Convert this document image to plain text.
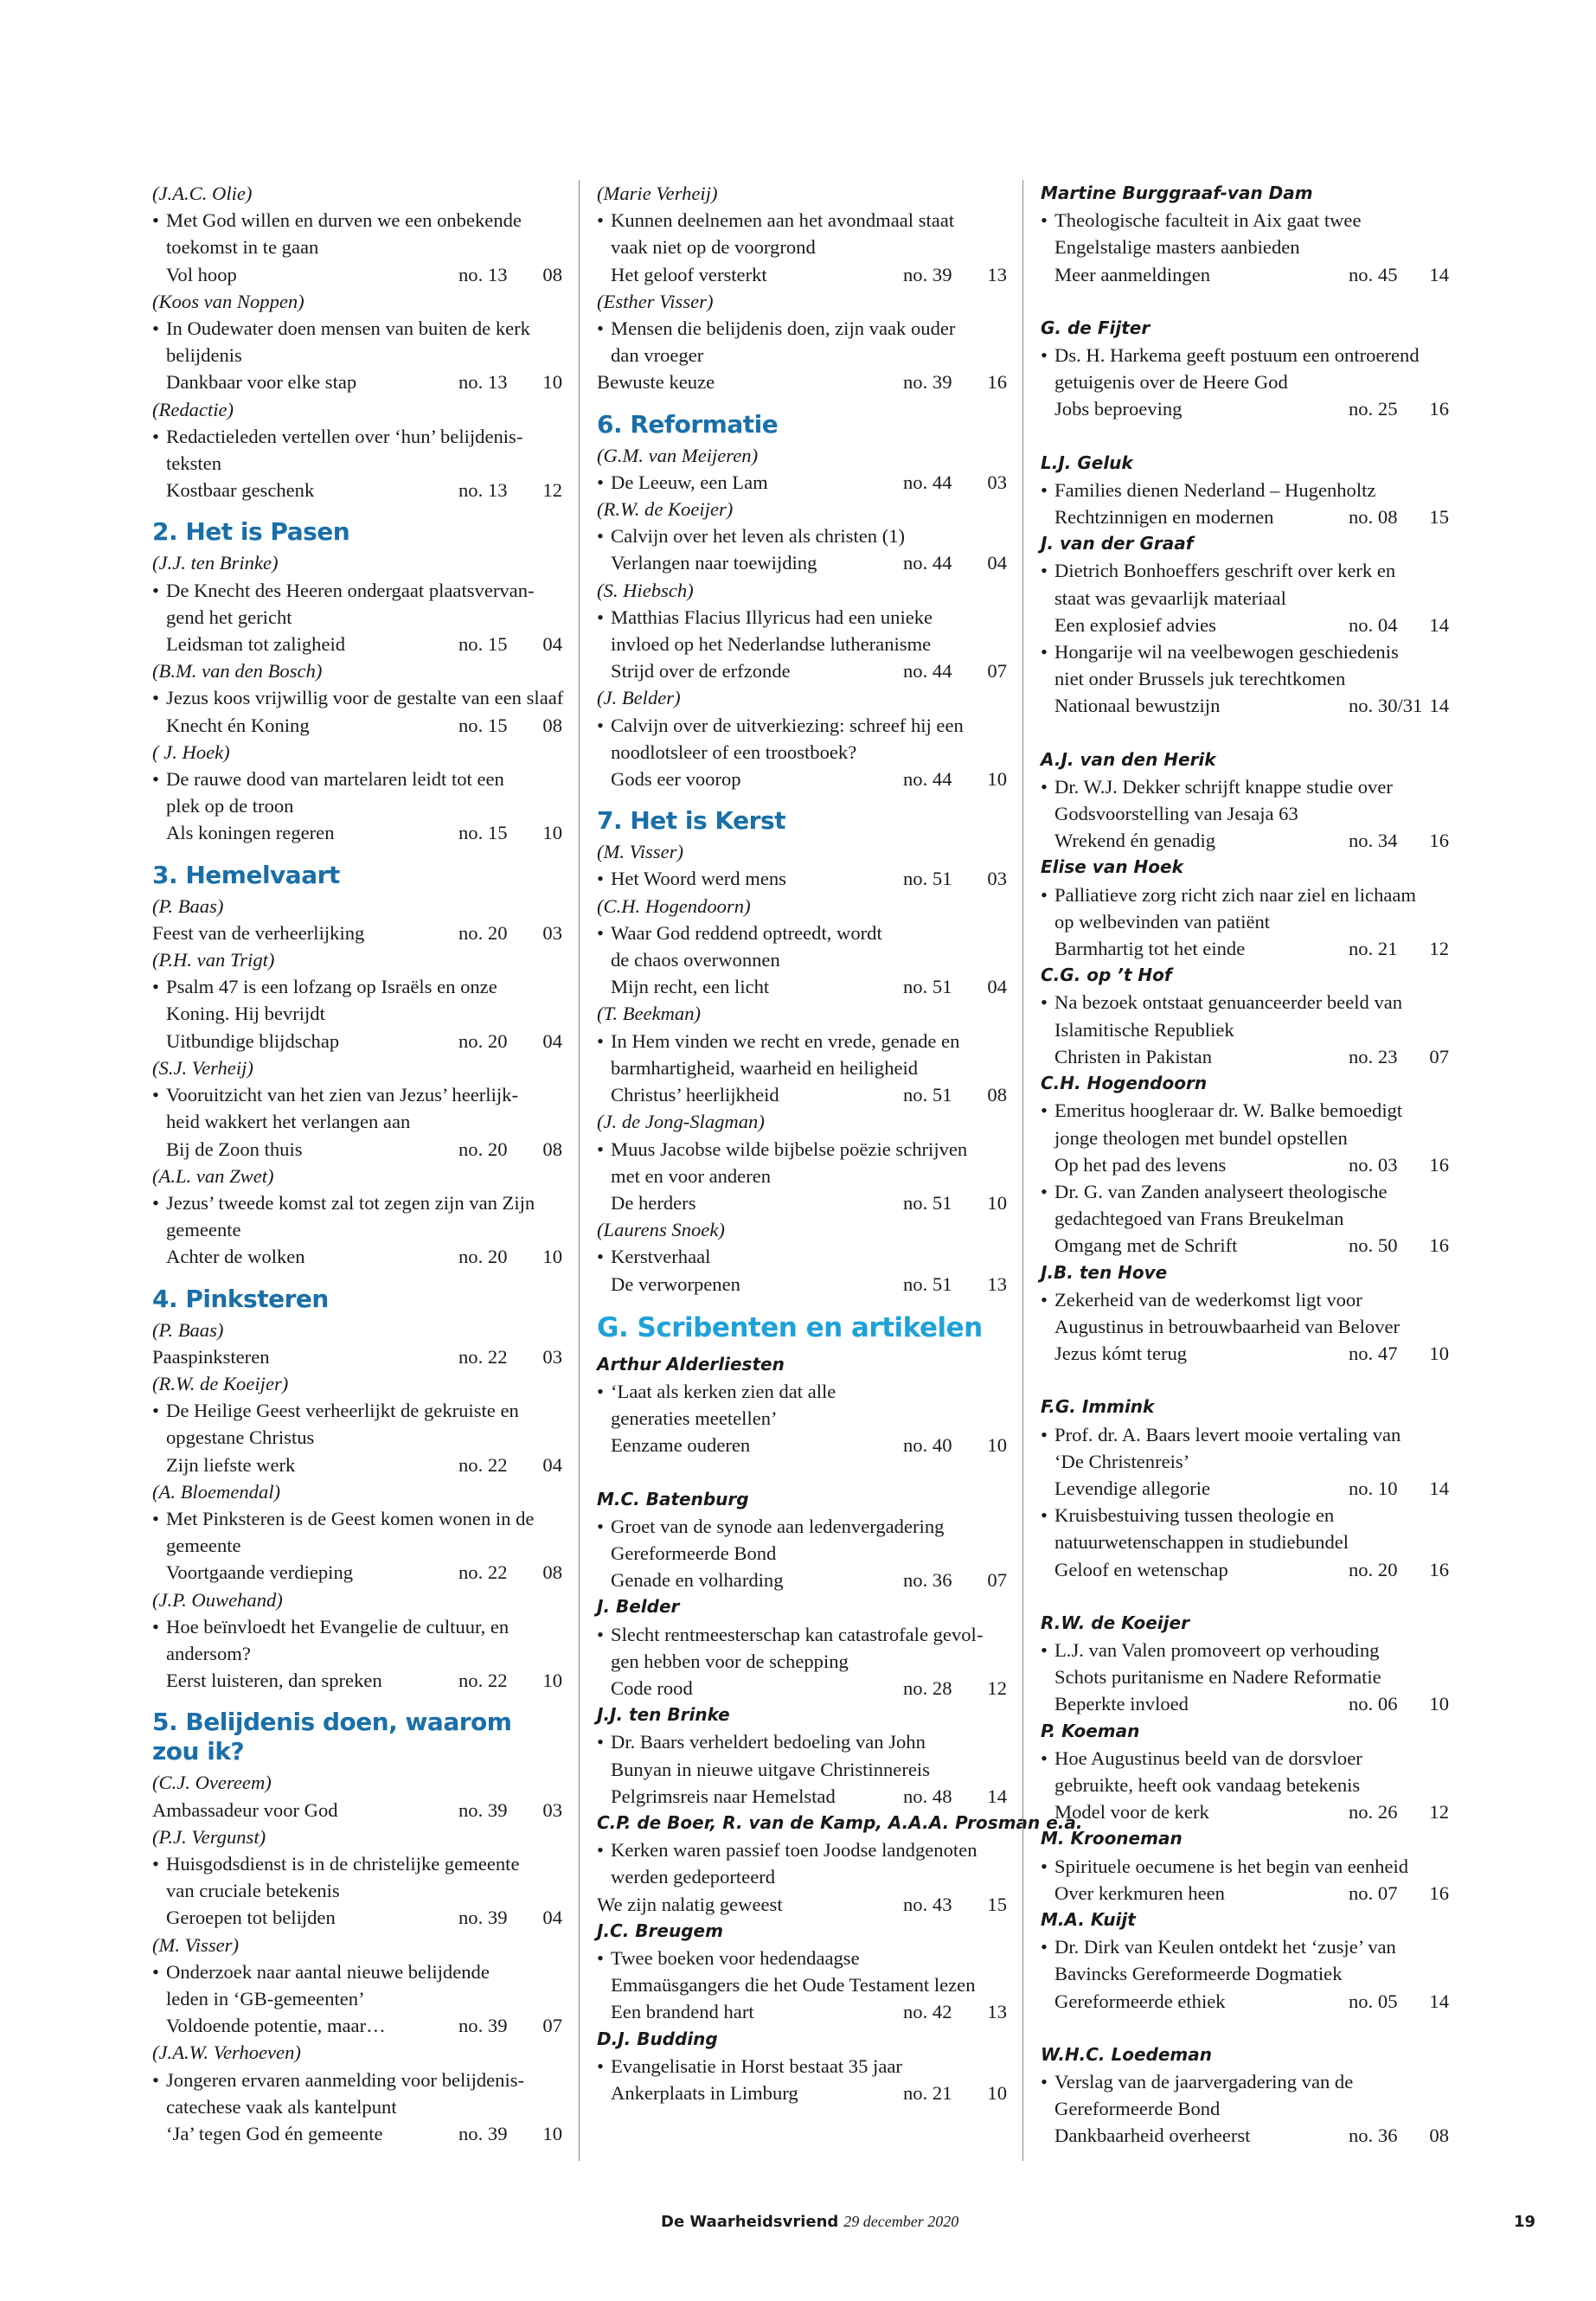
(J.A.C. Olie)
• Met God willen en durven we een onbekende
toekomst in te gaan
Vol hoop	no. 13 08
(Koos van Noppen)
• In Oudewater doen mensen van buiten de kerk
belijdenis
Dankbaar voor elke stap	no. 13 10
(Redactie)
• Redactieleden vertellen over ‘hun’ belijdenis-
teksten
Kostbaar geschenk	no. 13 12
2. Het is Pasen
(J.J. ten Brinke)
• De Knecht des Heeren ondergaat plaatsvervan-
gend het gericht
Leidsman tot zaligheid	no. 15 04
(B.M. van den Bosch)
• Jezus koos vrijwillig voor de gestalte van een slaaf
Knecht én Koning	no. 15 08
( J. Hoek)
• De rauwe dood van martelaren leidt tot een
plek op de troon
Als koningen regeren	no. 15 10
3. Hemelvaart
(P. Baas)
Feest van de verheerlijking	no. 20 03
(P.H. van Trigt)
• Psalm 47 is een lofzang op Israëls en onze
Koning. Hij bevrijdt
Uitbundige blijdschap	no. 20 04
(S.J. Verheij)
• Vooruitzicht van het zien van Jezus’ heerlijk-
heid wakkert het verlangen aan
Bij de Zoon thuis	no. 20 08
(A.L. van Zwet)
• Jezus’ tweede komst zal tot zegen zijn van Zijn
gemeente
Achter de wolken	no. 20 10
4. Pinksteren
(P. Baas)
Paaspinksteren	no. 22 03
(R.W. de Koeijer)
• De Heilige Geest verheerlijkt de gekruiste en
opgestane Christus
Zijn liefste werk	no. 22 04
(A. Bloemendal)
• Met Pinksteren is de Geest komen wonen in de
gemeente
Voortgaande verdieping	no. 22 08
(J.P. Ouwehand)
• Hoe beïnvloedt het Evangelie de cultuur, en
andersom?
Eerst luisteren, dan spreken	no. 22 10
5. Belijdenis doen, waarom zou ik?
(C.J. Overeem)
Ambassadeur voor God	no. 39 03
(P.J. Vergunst)
• Huisgodsdienst is in de christelijke gemeente
van cruciale betekenis
Geroepen tot belijden	no. 39 04
(M. Visser)
• Onderzoek naar aantal nieuwe belijdende
leden in ‘GB-gemeenten’
Voldoende potentie, maar…	no. 39 07
(J.A.W. Verhoeven)
• Jongeren ervaren aanmelding voor belijdenis-
catechese vaak als kantelpunt
‘Ja’ tegen God én gemeente	no. 39 10
(Marie Verheij)
• Kunnen deelnemen aan het avondmaal staat
vaak niet op de voorgrond
Het geloof versterkt	no. 39 13
(Esther Visser)
• Mensen die belijdenis doen, zijn vaak ouder
dan vroeger
Bewuste keuze	no. 39 16
6. Reformatie
(G.M. van Meijeren)
• De Leeuw, een Lam	no. 44 03
(R.W. de Koeijer)
• Calvijn over het leven als christen (1)
Verlangen naar toewijding	no. 44 04
(S. Hiebsch)
• Matthias Flacius Illyricus had een unieke
invloed op het Nederlandse lutheranisme
Strijd over de erfzonde	no. 44 07
(J. Belder)
• Calvijn over de uitverkiezing: schreef hij een
noodlotsleer of een troostboek?
Gods eer voorop	no. 44 10
7. Het is Kerst
(M. Visser)
• Het Woord werd mens	no. 51 03
(C.H. Hogendoorn)
• Waar God reddend optreedt, wordt
de chaos overwonnen
Mijn recht, een licht	no. 51 04
(T. Beekman)
• In Hem vinden we recht en vrede, genade en
barmhartigheid, waarheid en heiligheid
Christus’ heerlijkheid	no. 51 08
(J. de Jong-Slagman)
• Muus Jacobse wilde bijbelse poëzie schrijven
met en voor anderen
De herders	no. 51 10
(Laurens Snoek)
• Kerstverhaal
De verworpenen	no. 51 13
G. Scribenten en artikelen
Arthur Alderliesten
• ‘Laat als kerken zien dat alle
generaties meetellen’
Eenzame ouderen	no. 40 10
M.C. Batenburg
• Groet van de synode aan ledenvergadering
Gereformeerde Bond
Genade en volharding	no. 36 07
J. Belder
• Slecht rentmeesterschap kan catastrofale gevol-
gen hebben voor de schepping
Code rood	no. 28 12
J.J. ten Brinke
• Dr. Baars verheldert bedoeling van John
Bunyan in nieuwe uitgave Christinnereis
Pelgrimsreis naar Hemelstad	no. 48 14
C.P. de Boer, R. van de Kamp, A.A.A. Prosman e.a.
• Kerken waren passief toen Joodse landgenoten
werden gedeporteerd
We zijn nalatig geweest	no. 43 15
J.C. Breugem
• Twee boeken voor hedendaagse
Emmaüsgangers die het Oude Testament lezen
Een brandend hart	no. 42 13
D.J. Budding
• Evangelisatie in Horst bestaat 35 jaar
Ankerplaats in Limburg	no. 21 10
Martine Burggraaf-van Dam
• Theologische faculteit in Aix gaat twee
Engelstalige masters aanbieden
Meer aanmeldingen	no. 45 14
G. de Fijter
• Ds. H. Harkema geeft postuum een ontroerend
getuigenis over de Heere God
Jobs beproeving	no. 25 16
L.J. Geluk
• Families dienen Nederland – Hugenholtz
Rechtzinnigen en modernen	no. 08 15
J. van der Graaf
• Dietrich Bonhoeffers geschrift over kerk en
staat was gevaarlijk materiaal
Een explosief advies	no. 04 14
• Hongarije wil na veelbewogen geschiedenis
niet onder Brussels juk terechtkomen
Nationaal bewustzijn	no. 30/31 14
A.J. van den Herik
• Dr. W.J. Dekker schrijft knappe studie over
Godsvoorstelling van Jesaja 63
Wrekend én genadig	no. 34 16
Elise van Hoek
• Palliatieve zorg richt zich naar ziel en lichaam
op welbevinden van patiënt
Barmhartig tot het einde	no. 21 12
C.G. op ’t Hof
• Na bezoek ontstaat genuanceerder beeld van
Islamitische Republiek
Christen in Pakistan	no. 23 07
C.H. Hogendoorn
• Emeritus hoogleraar dr. W. Balke bemoedigt
jonge theologen met bundel opstellen
Op het pad des levens	no. 03 16
• Dr. G. van Zanden analyseert theologische
gedachtegoed van Frans Breukelman
Omgang met de Schrift	no. 50 16
J.B. ten Hove
• Zekerheid van de wederkomst ligt voor
Augustinus in betrouwbaarheid van Belover
Jezus kómt terug	no. 47 10
F.G. Immink
• Prof. dr. A. Baars levert mooie vertaling van
‘De Christenreis’
Levendige allegorie	no. 10 14
• Kruisbestuiving tussen theologie en
natuurwetenschappen in studiebundel
Geloof en wetenschap	no. 20 16
R.W. de Koeijer
• L.J. van Valen promoveert op verhouding
Schots puritanisme en Nadere Reformatie
Beperkte invloed	no. 06 10
P. Koeman
• Hoe Augustinus beeld van de dorsvloer
gebruikte, heeft ook vandaag betekenis
Model voor de kerk	no. 26 12
M. Krooneman
• Spirituele oecumene is het begin van eenheid
Over kerkmuren heen	no. 07 16
M.A. Kuijt
• Dr. Dirk van Keulen ontdekt het ‘zusje’ van
Bavincks Gereformeerde Dogmatiek
Gereformeerde ethiek	no. 05 14
W.H.C. Loedeman
• Verslag van de jaarvergadering van de
Gereformeerde Bond
Dankbaarheid overheerst	no. 36 08
De Waarheidsvriend 29 december 2020	19
